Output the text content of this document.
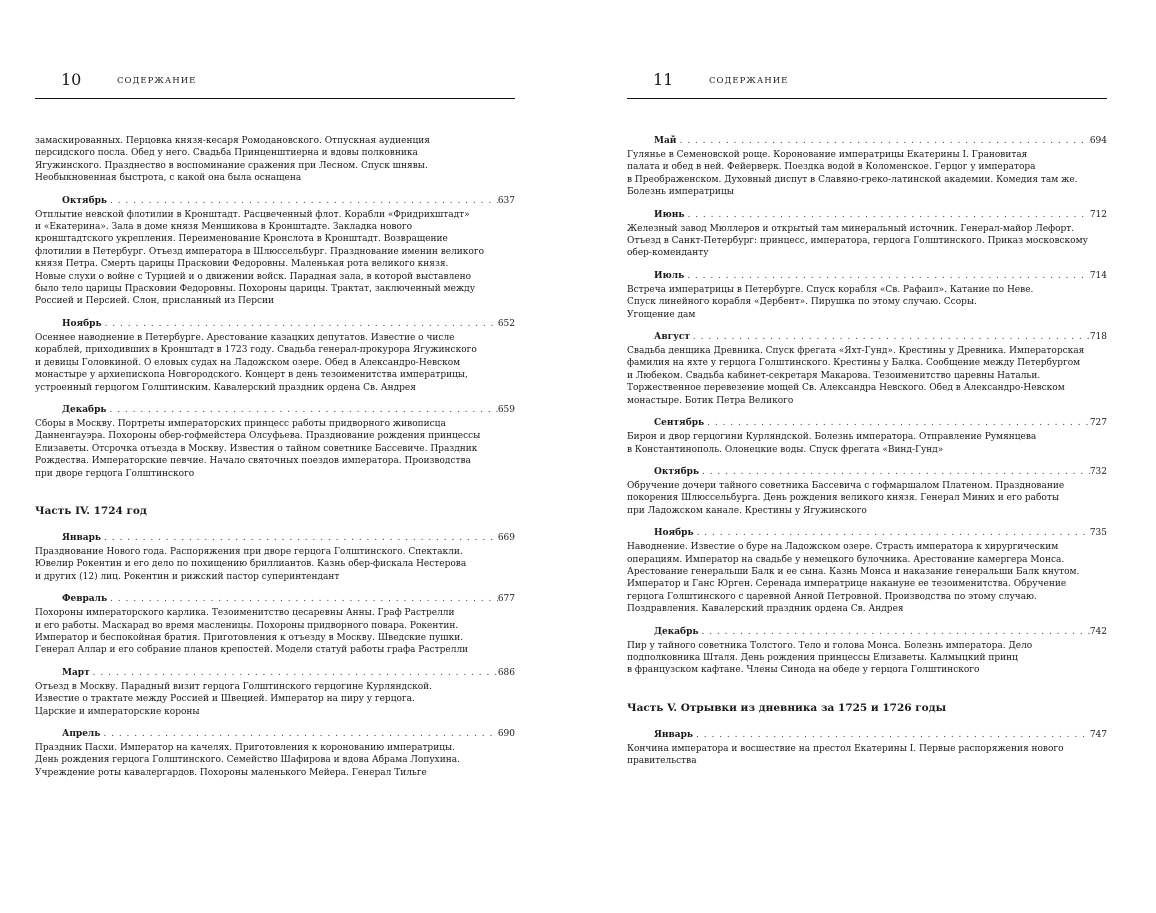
10	СОДЕРЖАНИЕ
замаскированных. Перцовка князя-кесаря Ромодановского. Отпускная аудиенция
персидского посла. Обед у него. Свадьба Принценштиерна и вдовы полковника
Ягужинского. Празднество в воспоминание сражения при Лесном. Спуск шнявы.
Необыкновенная быстрота, с какой она была оснащена
Октябрь . . .	637
Отплытие невской флотилии в Кронштадт. Расцвеченный флот. Корабли «Фридрихштадт»
и «Екатерина». Зала в доме князя Меншикова в Кронштадте. Закладка нового
кронштадтского укрепления. Переименование Кронслота в Кронштадт. Возвращение
флотилии в Петербург. Отъезд императора в Шлюссельбург. Празднование именин великого
князя Петра. Смерть царицы Прасковии Федоровны. Маленькая рота великого князя.
Новые слухи о войне с Турцией и о движении войск. Парадная зала, в которой выставлено
было тело царицы Прасковии Федоровны. Похороны царицы. Трактат, заключенный между
Россией и Персией. Слон, присланный из Персии
Ноябрь . . .	652
Осеннее наводнение в Петербурге. Арестование казацких депутатов. Известие о числе
кораблей, приходивших в Кронштадт в 1723 году. Свадьба генерал-прокурора Ягужинского
и девицы Головкиной. О еловых судах на Ладожском озере. Обед в Александро-Невском
монастыре у архиепископа Новгородского. Концерт в день тезоименитства императрицы,
устроенный герцогом Голштинским. Кавалерский праздник ордена Св. Андрея
Декабрь . . .	659
Сборы в Москву. Портреты императорских принцесс работы придворного живописца
Данненгауэра. Похороны обер-гофмейстера Олсуфьева. Празднование рождения принцессы
Елизаветы. Отсрочка отъезда в Москву. Известия о тайном советнике Бассевиче. Праздник
Рождества. Императорские певчие. Начало святочных поездов императора. Производства
при дворе герцога Голштинского
Часть IV. 1724 год
Январь . . .	669
Празднование Нового года. Распоряжения при дворе герцога Голштинского. Спектакли.
Ювелир Рокентин и его дело по похищению бриллиантов. Казнь обер-фискала Нестерова
и других (12) лиц. Рокентин и рижский пастор суперинтендант
Февраль . . .	677
Похороны императорского карлика. Тезоименитство цесаревны Анны. Граф Растрелли
и его работы. Маскарад во время масленицы. Похороны придворного повара. Рокентин.
Император и беспокойная братия. Приготовления к отъезду в Москву. Шведские пушки.
Генерал Аллар и его собрание планов крепостей. Модели статуй работы графа Растрелли
Март . . .	686
Отъезд в Москву. Парадный визит герцога Голштинского герцогине Курляндской.
Известие о трактате между Россией и Швецией. Император на пиру у герцога.
Царские и императорские короны
Апрель . . .	690
Праздник Пасхи. Император на качелях. Приготовления к коронованию императрицы.
День рождения герцога Голштинского. Семейство Шафирова и вдова Абрама Лопухина.
Учреждение роты кавалергардов. Похороны маленького Мейера. Генерал Тильге
11	СОДЕРЖАНИЕ
Май . . .	694
Гулянье в Семеновской роще. Коронование императрицы Екатерины I. Грановитая
палата и обед в ней. Фейерверк. Поездка водой в Коломенское. Герцог у императора
в Преображенском. Духовный диспут в Славяно-греко-латинской академии. Комедия там же.
Болезнь императрицы
Июнь . . .	712
Железный завод Мюллеров и открытый там минеральный источник. Генерал-майор Лефорт.
Отъезд в Санкт-Петербург: принцесс, императора, герцога Голштинского. Приказ московскому
обер-коменданту
Июль . . .	714
Встреча императрицы в Петербурге. Спуск корабля «Св. Рафаил». Катание по Неве.
Спуск линейного корабля «Дербент». Пирушка по этому случаю. Ссоры.
Угощение дам
Август . . .	718
Свадьба денщика Древника. Спуск фрегата «Яхт-Гунд». Крестины у Древника. Императорская
фамилия на яхте у герцога Голштинского. Крестины у Балка. Сообщение между Петербургом
и Любеком. Свадьба кабинет-секретаря Макарова. Тезоименитство царевны Натальи.
Торжественное перевезение мощей Св. Александра Невского. Обед в Александро-Невском
монастыре. Ботик Петра Великого
Сентябрь . . .	727
Бирон и двор герцогини Курляндской. Болезнь императора. Отправление Румянцева
в Константинополь. Олонецкие воды. Спуск фрегата «Винд-Гунд»
Октябрь . . .	732
Обручение дочери тайного советника Бассевича с гофмаршалом Платеном. Празднование
покорения Шлюссельбурга. День рождения великого князя. Генерал Миних и его работы
при Ладожском канале. Крестины у Ягужинского
Ноябрь . . .	735
Наводнение. Известие о буре на Ладожском озере. Страсть императора к хирургическим
операциям. Император на свадьбе у немецкого булочника. Арестование камергера Монса.
Арестование генеральши Балк и ее сына. Казнь Монса и наказание генеральши Балк кнутом.
Император и Ганс Юрген. Серенада императрице накануне ее тезоименитства. Обручение
герцога Голштинского с царевной Анной Петровной. Производства по этому случаю.
Поздравления. Кавалерский праздник ордена Св. Андрея
Декабрь . . .	742
Пир у тайного советника Толстого. Тело и голова Монса. Болезнь императора. Дело
подполковника Шталя. День рождения принцессы Елизаветы. Калмыцкий принц
в французском кафтане. Члены Синода на обеде у герцога Голштинского
Часть V. Отрывки из дневника за 1725 и 1726 годы
Январь . . .	747
Кончина императора и восшествие на престол Екатерины I. Первые распоряжения нового
правительства
